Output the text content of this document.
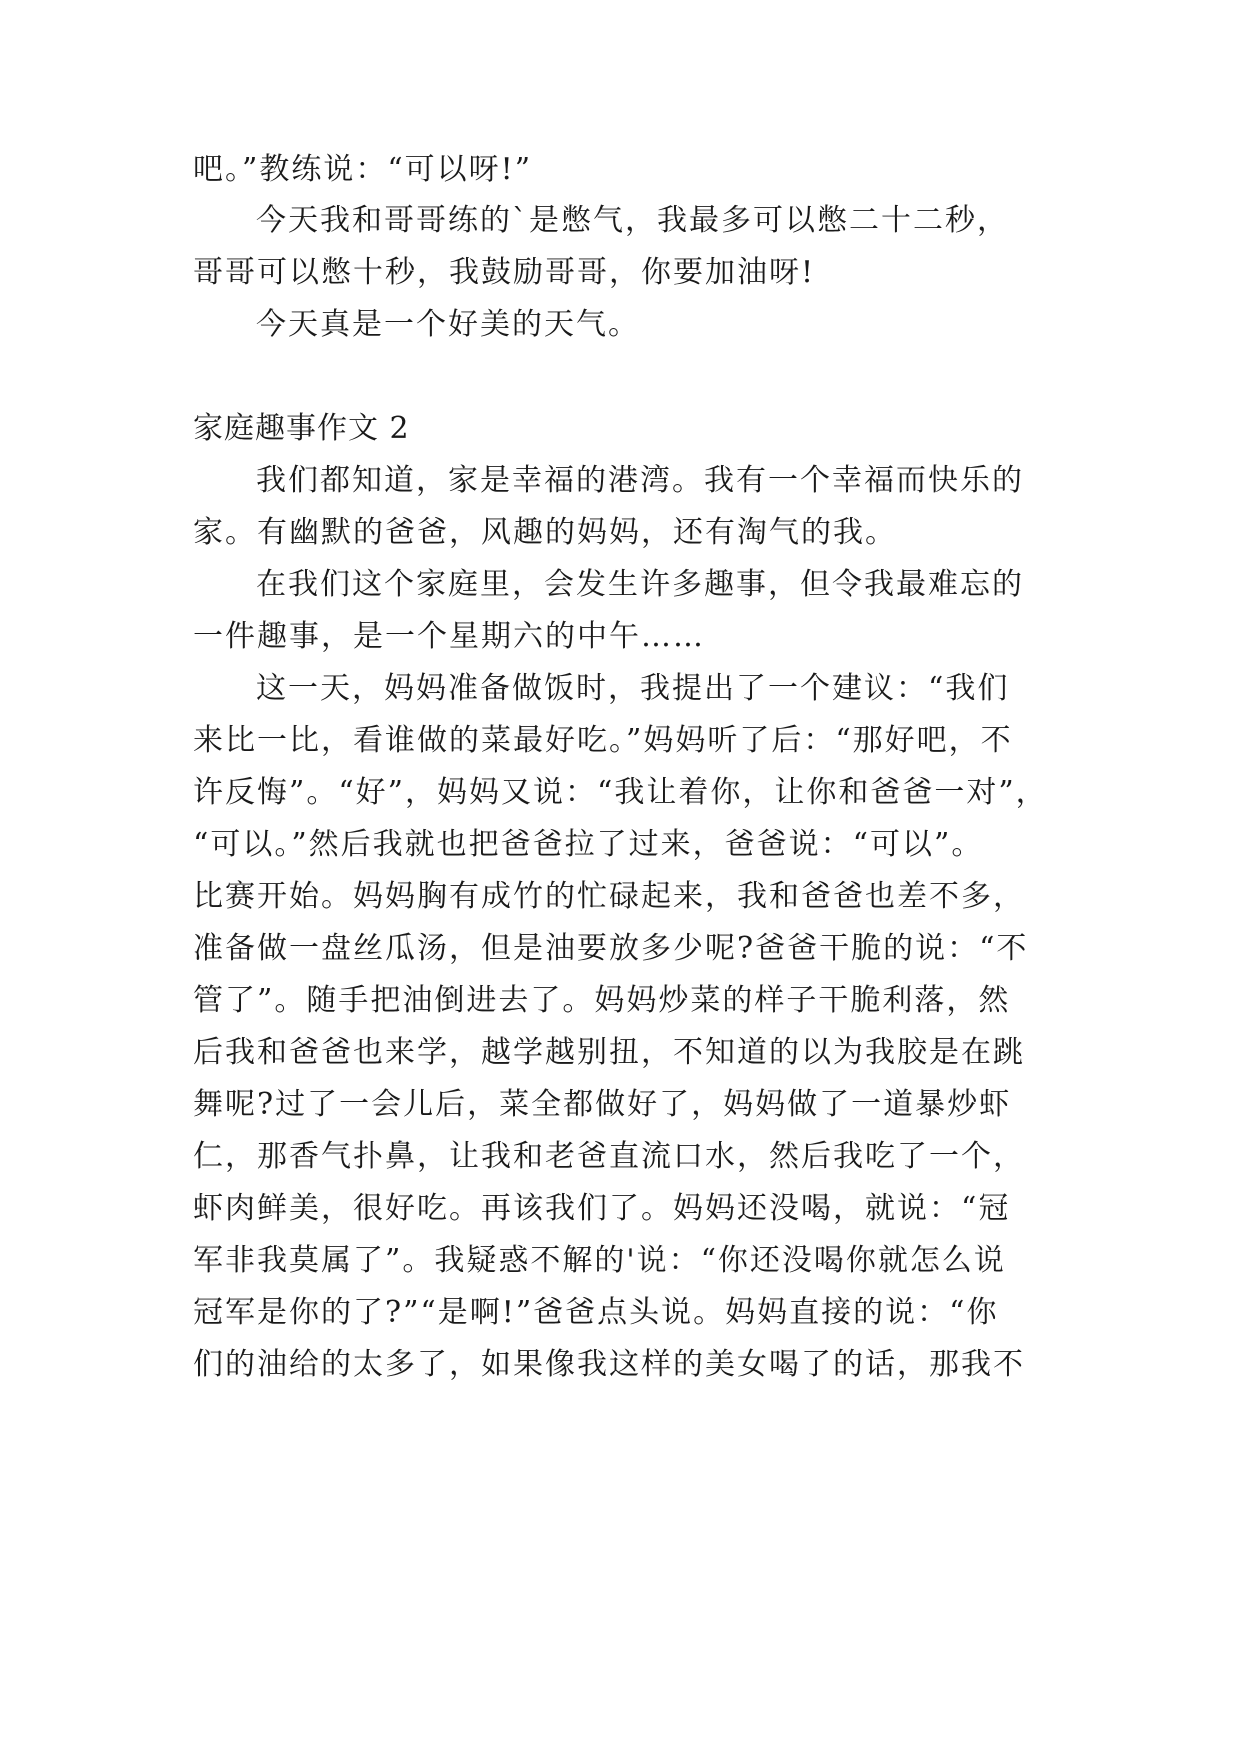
吧。”教练说：“可以呀!”
今天我和哥哥练的`是憋气，我最多可以憋二十二秒，
哥哥可以憋十秒，我鼓励哥哥，你要加油呀!
今天真是一个好美的天气。
家庭趣事作文 2
我们都知道，家是幸福的港湾。我有一个幸福而快乐的
家。有幽默的爸爸，风趣的妈妈，还有淘气的我。
在我们这个家庭里，会发生许多趣事，但令我最难忘的
一件趣事，是一个星期六的中午……
这一天，妈妈准备做饭时，我提出了一个建议：“我们
来比一比，看谁做的菜最好吃。”妈妈听了后：“那好吧，不
许反悔”。“好”，妈妈又说：“我让着你，让你和爸爸一对”，
“可以。”然后我就也把爸爸拉了过来，爸爸说：“可以”。
比赛开始。妈妈胸有成竹的忙碌起来，我和爸爸也差不多，
准备做一盘丝瓜汤，但是油要放多少呢?爸爸干脆的说：“不
管了”。随手把油倒进去了。妈妈炒菜的样子干脆利落，然
后我和爸爸也来学，越学越别扭，不知道的以为我胶是在跳
舞呢?过了一会儿后，菜全都做好了，妈妈做了一道暴炒虾
仁，那香气扑鼻，让我和老爸直流口水，然后我吃了一个，
虾肉鲜美，很好吃。再该我们了。妈妈还没喝，就说：“冠
军非我莫属了”。我疑惑不解的'说：“你还没喝你就怎么说
冠军是你的了?”“是啊!”爸爸点头说。妈妈直接的说：“你
们的油给的太多了，如果像我这样的美女喝了的话，那我不
